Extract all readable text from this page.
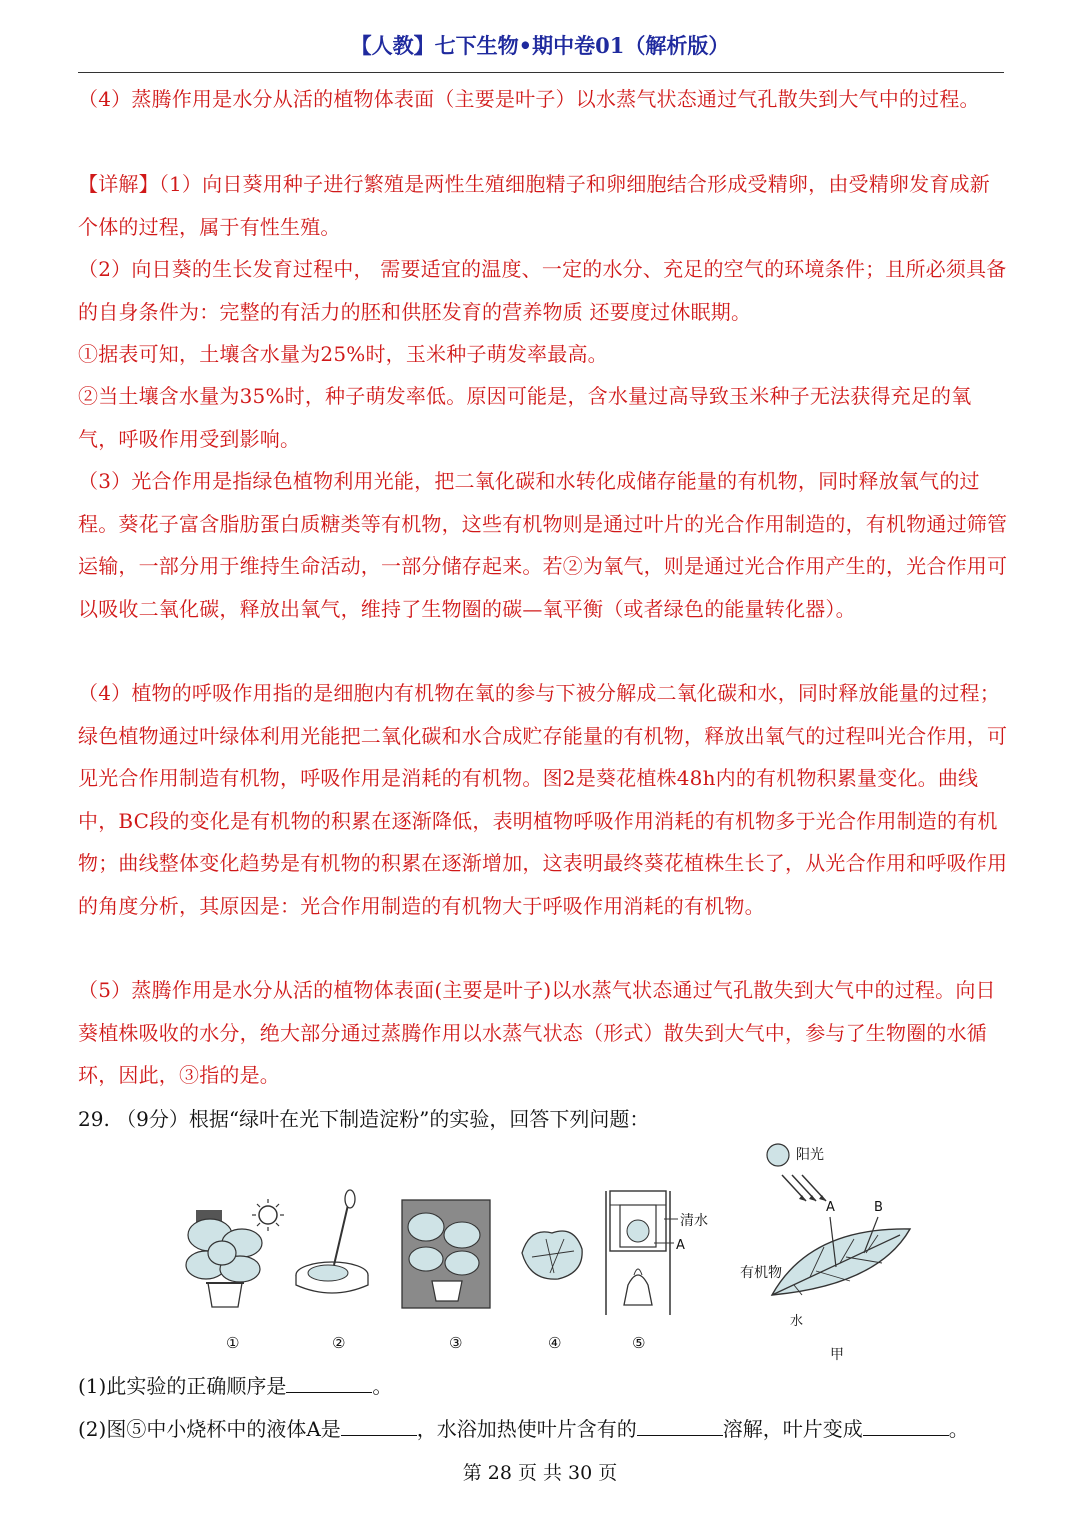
【人教】七下生物•期中卷01（解析版）
（4）蒸腾作用是水分从活的植物体表面（主要是叶子）以水蒸气状态通过气孔散失到大气中的过程。
【详解】（1）向日葵用种子进行繁殖是两性生殖细胞精子和卵细胞结合形成受精卵，由受精卵发育成新个体的过程，属于有性生殖。
（2）向日葵的生长发育过程中， 需要适宜的温度、一定的水分、充足的空气的环境条件；且所必须具备的自身条件为：完整的有活力的胚和供胚发育的营养物质 还要度过休眠期。
①据表可知，土壤含水量为25%时，玉米种子萌发率最高。
②当土壤含水量为35%时，种子萌发率低。原因可能是，含水量过高导致玉米种子无法获得充足的氧气，呼吸作用受到影响。
（3）光合作用是指绿色植物利用光能，把二氧化碳和水转化成储存能量的有机物，同时释放氧气的过程。葵花子富含脂肪蛋白质糖类等有机物，这些有机物则是通过叶片的光合作用制造的，有机物通过筛管运输，一部分用于维持生命活动，一部分储存起来。若②为氧气，则是通过光合作用产生的，光合作用可以吸收二氧化碳，释放出氧气，维持了生物圈的碳—氧平衡（或者绿色的能量转化器）。
（4）植物的呼吸作用指的是细胞内有机物在氧的参与下被分解成二氧化碳和水，同时释放能量的过程；绿色植物通过叶绿体利用光能把二氧化碳和水合成贮存能量的有机物，释放出氧气的过程叫光合作用，可见光合作用制造有机物，呼吸作用是消耗的有机物。图2是葵花植株48h内的有机物积累量变化。曲线中，BC段的变化是有机物的积累在逐渐降低，表明植物呼吸作用消耗的有机物多于光合作用制造的有机物；曲线整体变化趋势是有机物的积累在逐渐增加，这表明最终葵花植株生长了，从光合作用和呼吸作用的角度分析，其原因是：光合作用制造的有机物大于呼吸作用消耗的有机物。
（5）蒸腾作用是水分从活的植物体表面(主要是叶子)以水蒸气状态通过气孔散失到大气中的过程。向日葵植株吸收的水分，绝大部分通过蒸腾作用以水蒸气状态（形式）散失到大气中，参与了生物圈的水循环，因此，③指的是。
29. （9分）根据“绿叶在光下制造淀粉”的实验，回答下列问题：
清水
A
①	②	③	④	⑤
阳光
A	B
有机物
水
甲
(1)此实验的正确顺序是	。
(2)图⑤中小烧杯中的液体A是	，水浴加热使叶片含有的	溶解，叶片变成	。
第 28 页 共 30 页
